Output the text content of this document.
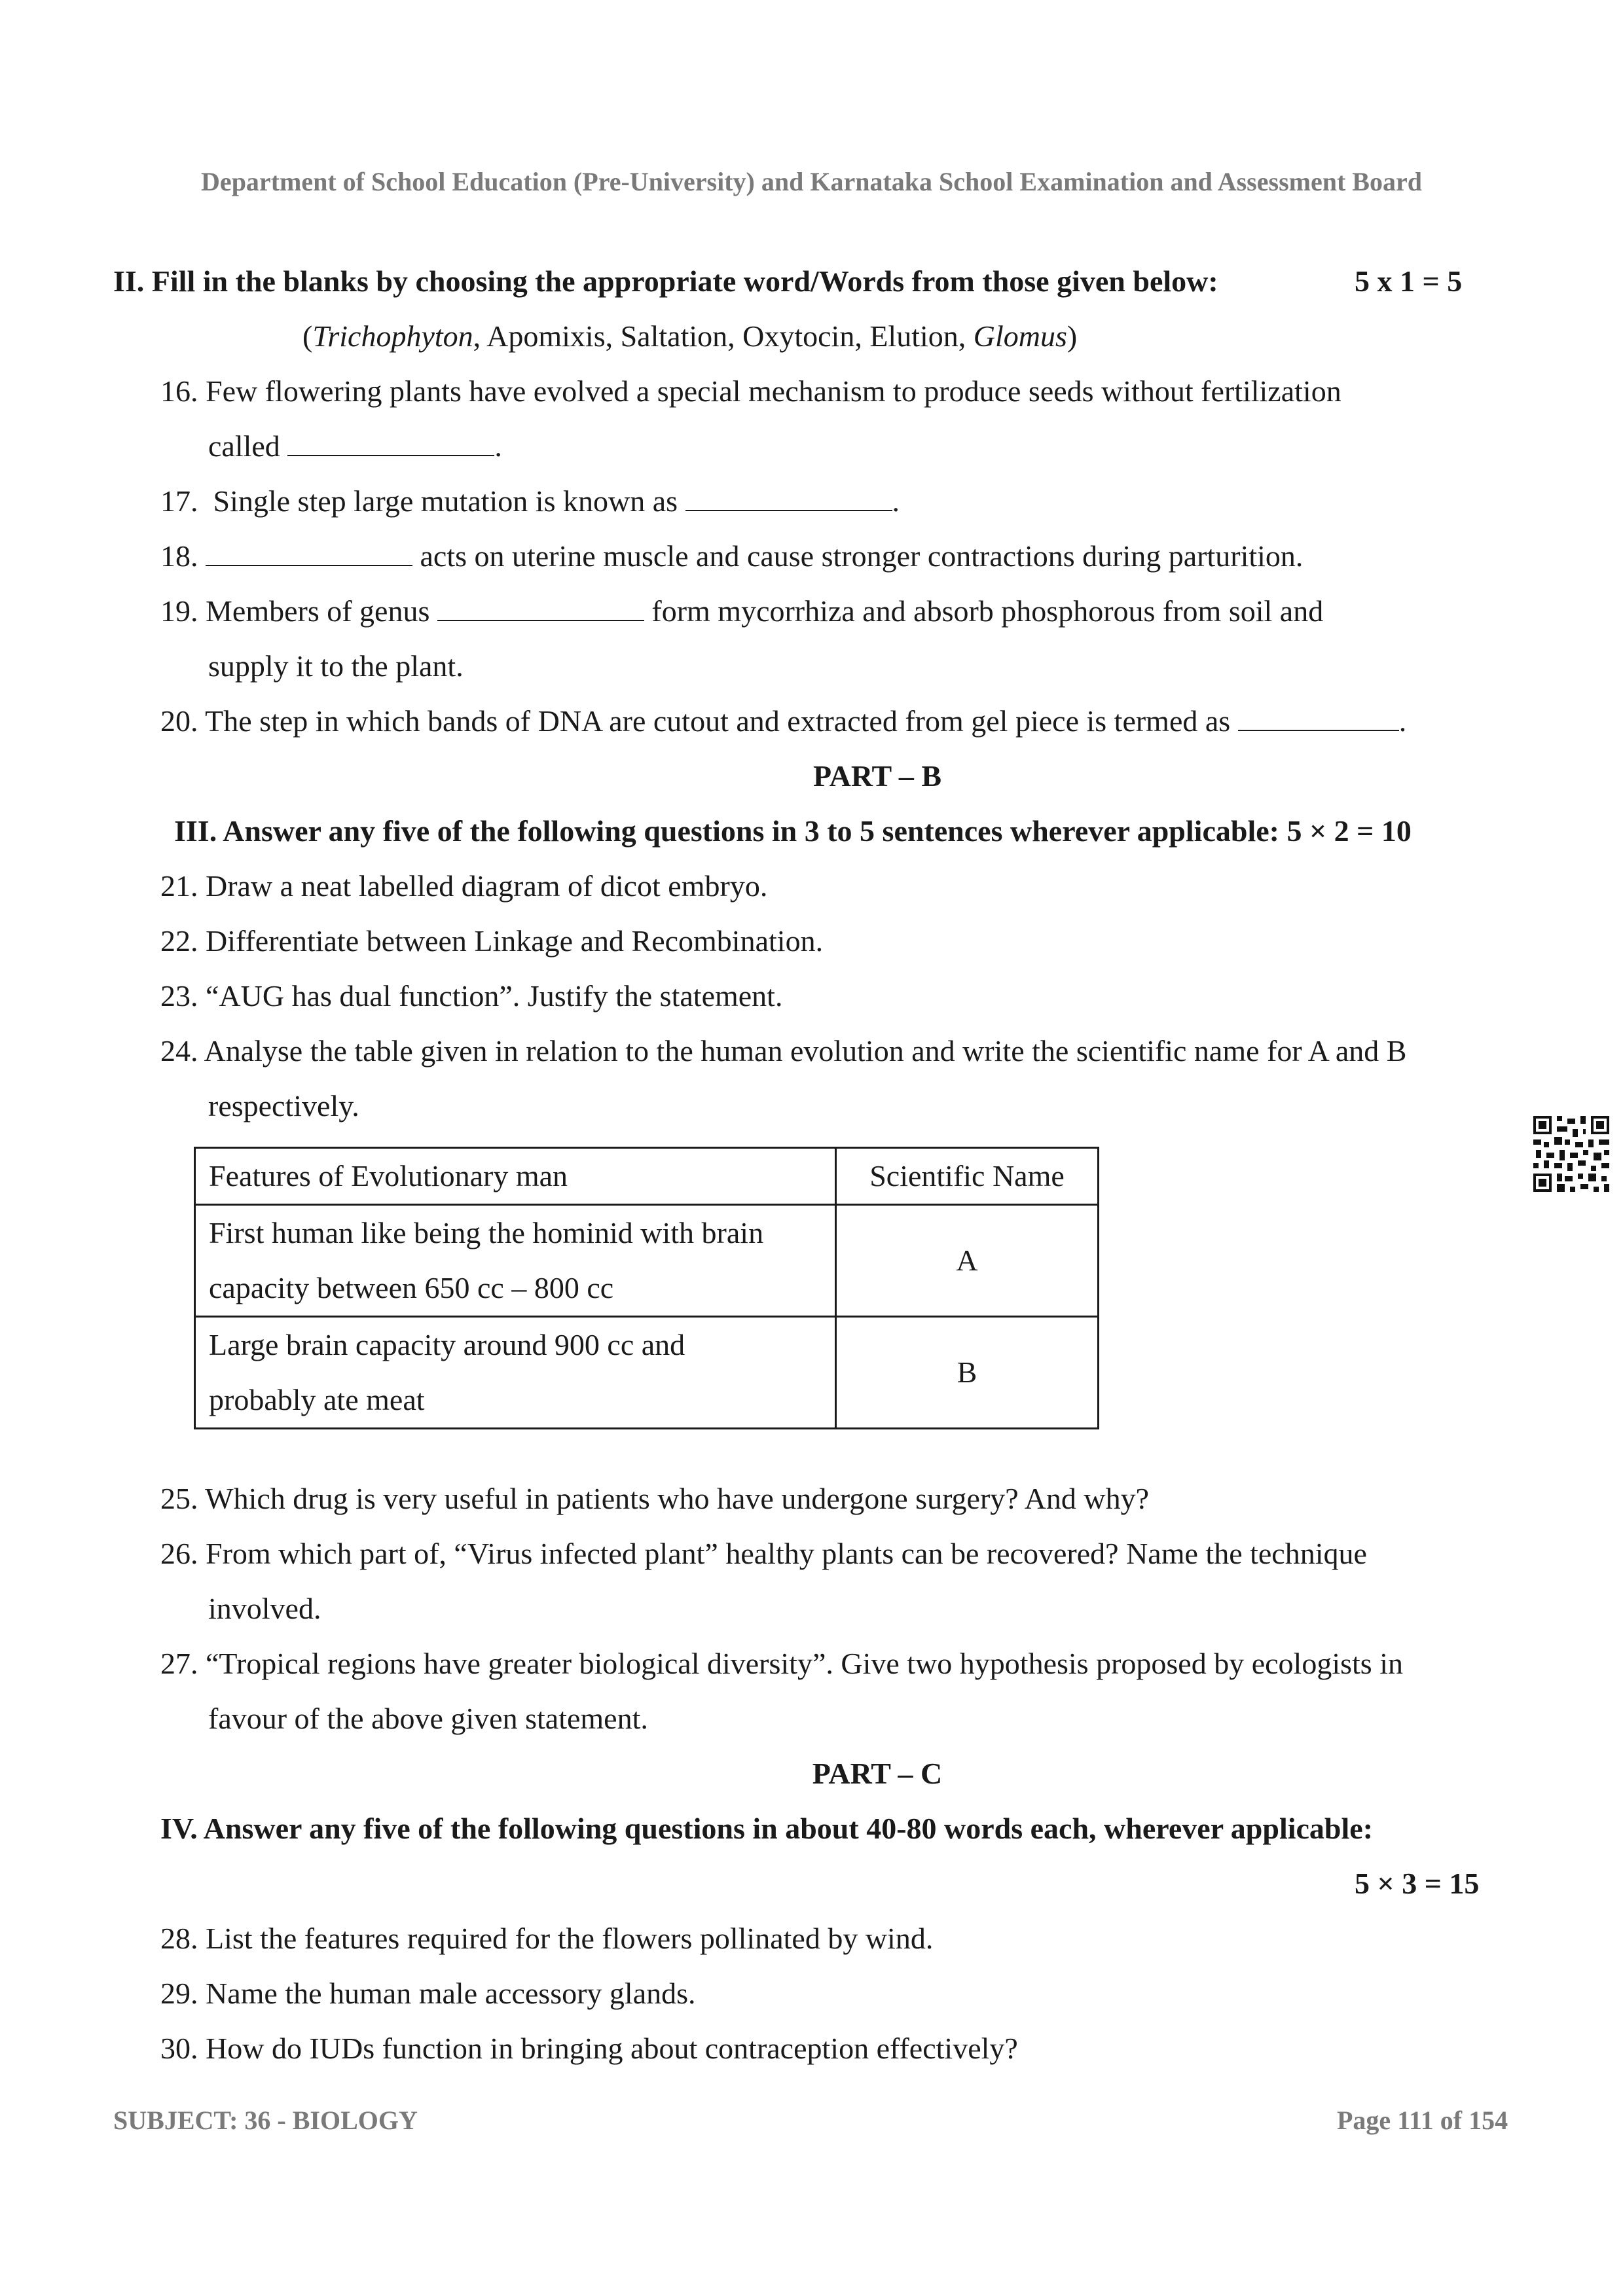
Department of School Education (Pre-University) and Karnataka School Examination and Assessment Board
II. Fill in the blanks by choosing the appropriate word/Words from those given below:	5 x 1 = 5
(Trichophyton, Apomixis, Saltation, Oxytocin, Elution, Glomus)
16. Few flowering plants have evolved a special mechanism to produce seeds without fertilization
called	.
17. Single step large mutation is known as	.
18.	acts on uterine muscle and cause stronger contractions during parturition.
19. Members of genus	form mycorrhiza and absorb phosphorous from soil and
supply it to the plant.
20. The step in which bands of DNA are cutout and extracted from gel piece is termed as	.
PART – B
III. Answer any five of the following questions in 3 to 5 sentences wherever applicable: 5 × 2 = 10
21. Draw a neat labelled diagram of dicot embryo.
22. Differentiate between Linkage and Recombination.
23. “AUG has dual function”. Justify the statement.
24. Analyse the table given in relation to the human evolution and write the scientific name for A and B
respectively.
Features of Evolutionary man	Scientific Name

First human like being the hominid with brain
capacity between 650 cc – 800 cc	A

Large brain capacity around 900 cc and
probably ate meat	B
25. Which drug is very useful in patients who have undergone surgery? And why?
26. From which part of, “Virus infected plant” healthy plants can be recovered? Name the technique
involved.
27. “Tropical regions have greater biological diversity”. Give two hypothesis proposed by ecologists in
favour of the above given statement.
PART – C
IV. Answer any five of the following questions in about 40-80 words each, wherever applicable:
5 × 3 = 15
28. List the features required for the flowers pollinated by wind.
29. Name the human male accessory glands.
30. How do IUDs function in bringing about contraception effectively?
SUBJECT: 36 - BIOLOGY	Page 111 of 154
